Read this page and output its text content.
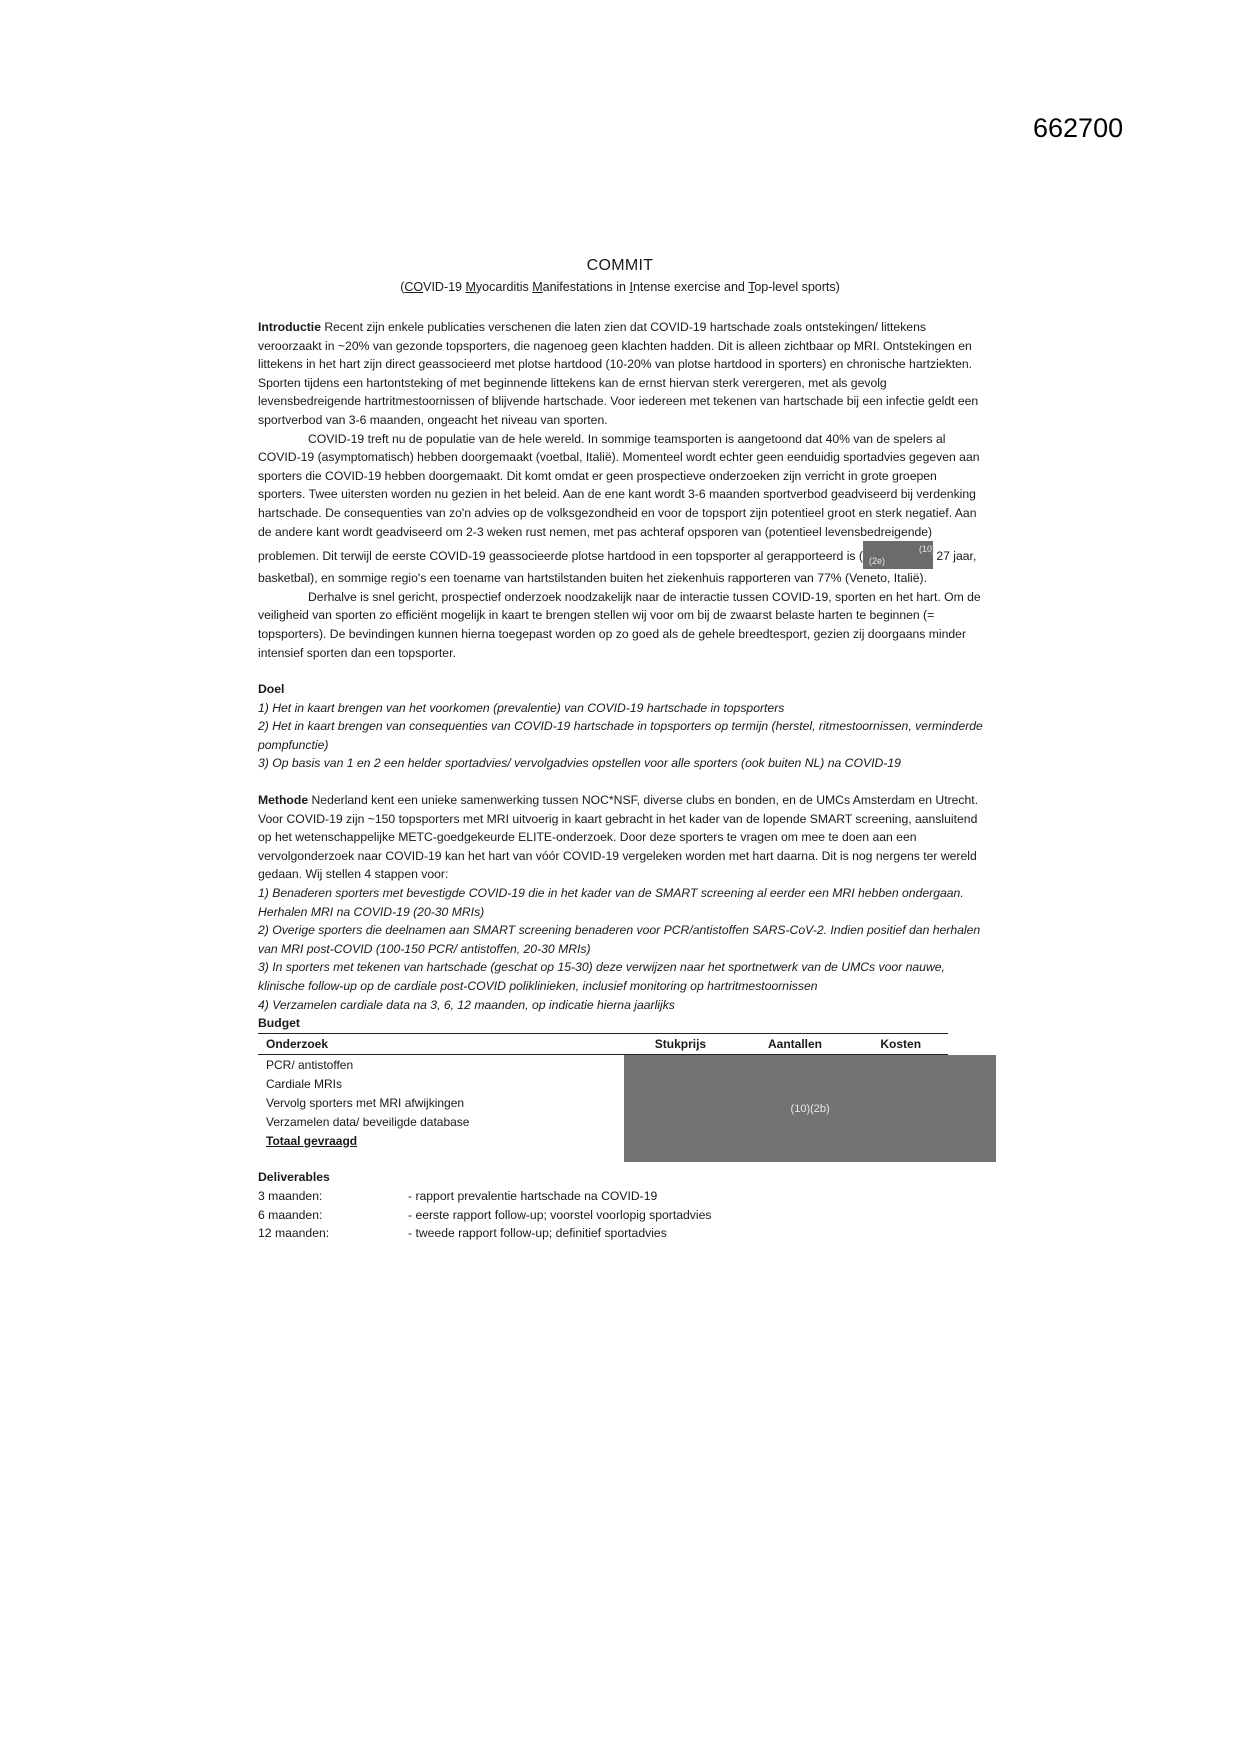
662700
COMMIT
(COVID-19 Myocarditis Manifestations in Intense exercise and Top-level sports)

Introductie Recent zijn enkele publicaties verschenen die laten zien dat COVID-19 hartschade zoals ontstekingen/ littekens veroorzaakt in ~20% van gezonde topsporters, die nagenoeg geen klachten hadden. Dit is alleen zichtbaar op MRI. Ontstekingen en littekens in het hart zijn direct geassocieerd met plotse hartdood (10-20% van plotse hartdood in sporters) en chronische hartziekten. Sporten tijdens een hartontsteking of met beginnende littekens kan de ernst hiervan sterk verergeren, met als gevolg levensbedreigende hartritmestoornissen of blijvende hartschade. Voor iedereen met tekenen van hartschade bij een infectie geldt een sportverbod van 3-6 maanden, ongeacht het niveau van sporten.

COVID-19 treft nu de populatie van de hele wereld. In sommige teamsporten is aangetoond dat 40% van de spelers al COVID-19 (asymptomatisch) hebben doorgemaakt (voetbal, Italië). Momenteel wordt echter geen eenduidig sportadvies gegeven aan sporters die COVID-19 hebben doorgemaakt. Dit komt omdat er geen prospectieve onderzoeken zijn verricht in grote groepen sporters. Twee uitersten worden nu gezien in het beleid. Aan de ene kant wordt 3-6 maanden sportverbod geadviseerd bij verdenking hartschade. De consequenties van zo'n advies op de volksgezondheid en voor de topsport zijn potentieel groot en sterk negatief. Aan de andere kant wordt geadviseerd om 2-3 weken rust nemen, met pas achteraf opsporen van (potentieel levensbedreigende) problemen. Dit terwijl de eerste COVID-19 geassocieerde plotse hartdood in een topsporter al gerapporteerd is (	(10)(2e)	27 jaar, basketbal), en sommige regio's een toename van hartstilstanden buiten het ziekenhuis rapporteren van 77% (Veneto, Italië).

Derhalve is snel gericht, prospectief onderzoek noodzakelijk naar de interactie tussen COVID-19, sporten en het hart. Om de veiligheid van sporten zo efficiënt mogelijk in kaart te brengen stellen wij voor om bij de zwaarst belaste harten te beginnen (= topsporters). De bevindingen kunnen hierna toegepast worden op zo goed als de gehele breedtesport, gezien zij doorgaans minder intensief sporten dan een topsporter.

Doel

1) Het in kaart brengen van het voorkomen (prevalentie) van COVID-19 hartschade in topsporters

2) Het in kaart brengen van consequenties van COVID-19 hartschade in topsporters op termijn (herstel, ritmestoornissen, verminderde pompfunctie)

3) Op basis van 1 en 2 een helder sportadvies/ vervolgadvies opstellen voor alle sporters (ook buiten NL) na COVID-19

Methode Nederland kent een unieke samenwerking tussen NOC*NSF, diverse clubs en bonden, en de UMCs Amsterdam en Utrecht. Voor COVID-19 zijn ~150 topsporters met MRI uitvoerig in kaart gebracht in het kader van de lopende SMART screening, aansluitend op het wetenschappelijke METC-goedgekeurde ELITE-onderzoek. Door deze sporters te vragen om mee te doen aan een vervolgonderzoek naar COVID-19 kan het hart van vóór COVID-19 vergeleken worden met hart daarna. Dit is nog nergens ter wereld gedaan. Wij stellen 4 stappen voor:

1) Benaderen sporters met bevestigde COVID-19 die in het kader van de SMART screening al eerder een MRI hebben ondergaan. Herhalen MRI na COVID-19 (20-30 MRIs)

2) Overige sporters die deelnamen aan SMART screening benaderen voor PCR/antistoffen SARS-CoV-2. Indien positief dan herhalen van MRI post-COVID (100-150 PCR/ antistoffen, 20-30 MRIs)

3) In sporters met tekenen van hartschade (geschat op 15-30) deze verwijzen naar het sportnetwerk van de UMCs voor nauwe, klinische follow-up op de cardiale post-COVID poliklinieken, inclusief monitoring op hartritmestoornissen

4) Verzamelen cardiale data na 3, 6, 12 maanden, op indicatie hierna jaarlijks

Budget

Onderzoek	Stukprijs	Aantallen	Kosten
PCR/ antistoffen			
Cardiale MRIs			
Vervolg sporters met MRI afwijkingen			
Verzamelen data/ beveiligde database			
Totaal gevraagd			

Deliverables

3 maanden:	- rapport prevalentie hartschade na COVID-19
6 maanden:	- eerste rapport follow-up; voorstel voorlopig sportadvies
12 maanden:	- tweede rapport follow-up; definitief sportadvies
(10)(2b)
